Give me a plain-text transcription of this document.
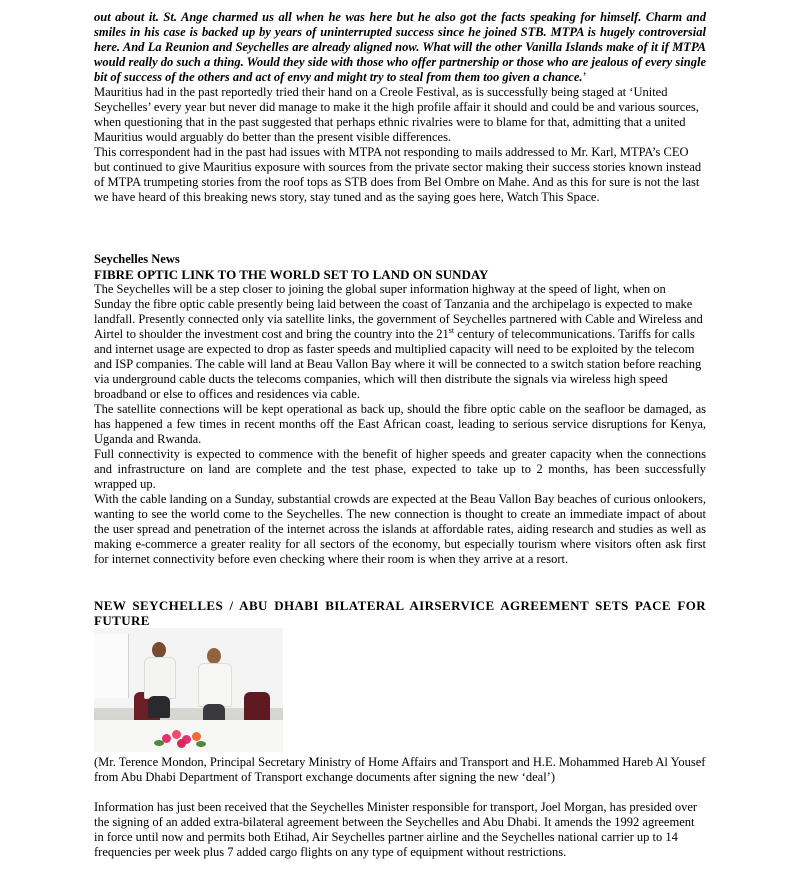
out about it. St. Ange charmed us all when he was here but he also got the facts speaking for himself. Charm and smiles in his case is backed up by years of uninterrupted success since he joined STB. MTPA is hugely controversial here. And La Reunion and Seychelles are already aligned now. What will the other Vanilla Islands make of it if MTPA would really do such a thing. Would they side with those who offer partnership or those who are jealous of every single bit of success of the others and act of envy and might try to steal from them too given a chance.’

Mauritius had in the past reportedly tried their hand on a Creole Festival, as is successfully being staged at ‘United Seychelles’ every year but never did manage to make it the high profile affair it should and could be and various sources, when questioning that in the past suggested that perhaps ethnic rivalries were to blame for that, admitting that a united Mauritius would arguably do better than the present visible differences.

This correspondent had in the past had issues with MTPA not responding to mails addressed to Mr. Karl, MTPA’s CEO but continued to give Mauritius exposure with sources from the private sector making their success stories known instead of MTPA trumpeting stories from the roof tops as STB does from Bel Ombre on Mahe. And as this for sure is not the last we have heard of this breaking news story, stay tuned and as the saying goes here, Watch This Space.

Seychelles News

FIBRE OPTIC LINK TO THE WORLD SET TO LAND ON SUNDAY

The Seychelles will be a step closer to joining the global super information highway at the speed of light, when on Sunday the fibre optic cable presently being laid between the coast of Tanzania and the archipelago is expected to make landfall. Presently connected only via satellite links, the government of Seychelles partnered with Cable and Wireless and Airtel to shoulder the investment cost and bring the country into the 21st century of telecommunications. Tariffs for calls and internet usage are expected to drop as faster speeds and multiplied capacity will need to be exploited by the telecom and ISP companies. The cable will land at Beau Vallon Bay where it will be connected to a switch station before reaching via underground cable ducts the telecoms companies, which will then distribute the signals via wireless high speed broadband or else to offices and residences via cable.

The satellite connections will be kept operational as back up, should the fibre optic cable on the seafloor be damaged, as has happened a few times in recent months off the East African coast, leading to serious service disruptions for Kenya, Uganda and Rwanda.

Full connectivity is expected to commence with the benefit of higher speeds and greater capacity when the connections and infrastructure on land are complete and the test phase, expected to take up to 2 months, has been successfully wrapped up.

With the cable landing on a Sunday, substantial crowds are expected at the Beau Vallon Bay beaches of curious onlookers, wanting to see the world come to the Seychelles. The new connection is thought to create an immediate impact of about the user spread and penetration of the internet across the islands at affordable rates, aiding research and studies as well as making e-commerce a greater reality for all sectors of the economy, but especially tourism where visitors often ask first for internet connectivity before even checking where their room is when they arrive at a resort.

NEW SEYCHELLES / ABU DHABI BILATERAL AIRSERVICE AGREEMENT SETS PACE FOR FUTURE

(Mr. Terence Mondon, Principal Secretary Ministry of Home Affairs and Transport and H.E. Mohammed Hareb Al Yousef from Abu Dhabi Department of Transport exchange documents after signing the new ‘deal’)

Information has just been received that the Seychelles Minister responsible for transport, Joel Morgan, has presided over the signing of an added extra-bilateral agreement between the Seychelles and Abu Dhabi. It amends the 1992 agreement in force until now and permits both Etihad, Air Seychelles partner airline and the Seychelles national carrier up to 14 frequencies per week plus 7 added cargo flights on any type of equipment without restrictions.
